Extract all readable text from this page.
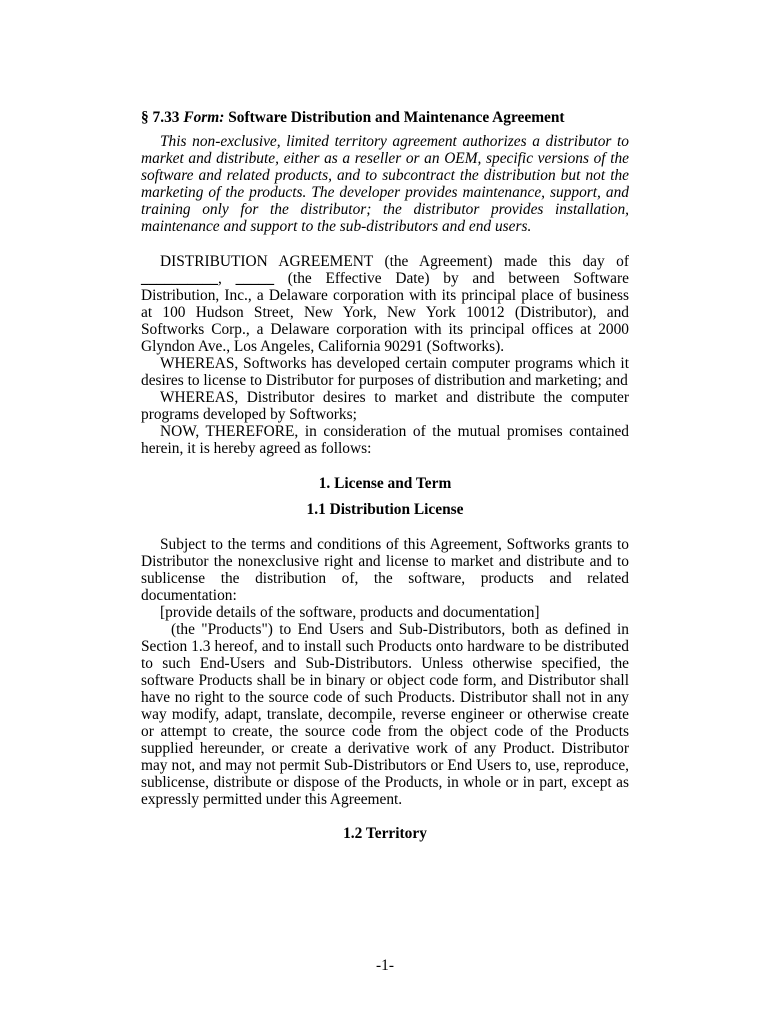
§ 7.33 Form: Software Distribution and Maintenance Agreement

This non-exclusive, limited territory agreement authorizes a distributor to market and distribute, either as a reseller or an OEM, specific versions of the software and related products, and to subcontract the distribution but not the marketing of the products. The developer provides maintenance, support, and training only for the distributor; the distributor provides installation, maintenance and support to the sub-distributors and end users.

DISTRIBUTION AGREEMENT (the Agreement) made this day of __________, _____ (the Effective Date) by and between Software Distribution, Inc., a Delaware corporation with its principal place of business at 100 Hudson Street, New York, New York 10012 (Distributor), and Softworks Corp., a Delaware corporation with its principal offices at 2000 Glyndon Ave., Los Angeles, California 90291 (Softworks).

WHEREAS, Softworks has developed certain computer programs which it desires to license to Distributor for purposes of distribution and marketing; and

WHEREAS, Distributor desires to market and distribute the computer programs developed by Softworks;

NOW, THEREFORE, in consideration of the mutual promises contained herein, it is hereby agreed as follows:

1. License and Term

1.1 Distribution License

Subject to the terms and conditions of this Agreement, Softworks grants to Distributor the nonexclusive right and license to market and distribute and to sublicense the distribution of, the software, products and related documentation:

[provide details of the software, products and documentation]

(the "Products") to End Users and Sub-Distributors, both as defined in Section 1.3 hereof, and to install such Products onto hardware to be distributed to such End-Users and Sub-Distributors. Unless otherwise specified, the software Products shall be in binary or object code form, and Distributor shall have no right to the source code of such Products. Distributor shall not in any way modify, adapt, translate, decompile, reverse engineer or otherwise create or attempt to create, the source code from the object code of the Products supplied hereunder, or create a derivative work of any Product. Distributor may not, and may not permit Sub-Distributors or End Users to, use, reproduce, sublicense, distribute or dispose of the Products, in whole or in part, except as expressly permitted under this Agreement.

1.2 Territory

-1-
